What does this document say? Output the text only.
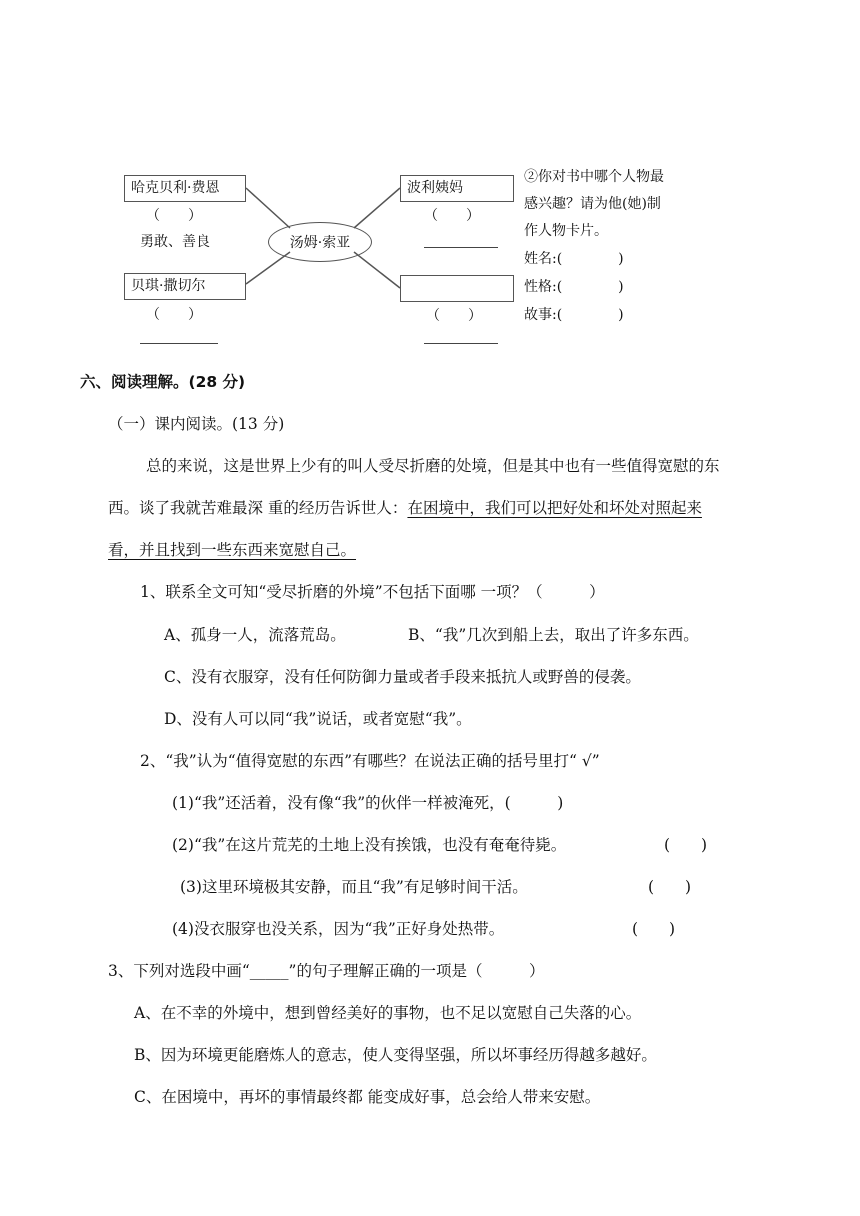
哈克贝利·费恩
（　　）
勇敢、善良
贝琪·撒切尔
（　　）
汤姆·索亚
波利姨妈
（　　）
（　　）
②你对书中哪个人物最
感兴趣？请为他(她)制
作人物卡片。
姓名:(　　　　)
性格:(　　　　)
故事:(　　　　)
六、阅读理解。(28 分)
（一）课内阅读。(13 分)
总的来说，这是世界上少有的叫人受尽折磨的处境，但是其中也有一些值得宽慰的东
西。谈了我就苦难最深 重的经历告诉世人：在困境中，我们可以把好处和坏处对照起来
看，并且找到一些东西来宽慰自己。
1、联系全文可知“受尽折磨的外境”不包括下面哪 一项？（　　　）
A、孤身一人，流落荒岛。	B、“我”几次到船上去，取出了许多东西。
C、没有衣服穿，没有任何防御力量或者手段来抵抗人或野兽的侵袭。
D、没有人可以同“我”说话，或者宽慰“我”。
2、“我”认为“值得宽慰的东西”有哪些？在说法正确的括号里打“ √”
(1)“我”还活着，没有像“我”的伙伴一样被淹死，(　　　)
(2)“我”在这片荒芜的土地上没有挨饿，也没有奄奄待毙。	(　　)
(3)这里环境极其安静，而且“我”有足够时间干活。	(　　)
(4)没衣服穿也没关系，因为“我”正好身处热带。	(　　)
3、下列对选段中画“_____”的句子理解正确的一项是（　　　）
A、在不幸的外境中，想到曾经美好的事物，也不足以宽慰自己失落的心。
B、因为环境更能磨炼人的意志，使人变得坚强，所以坏事经历得越多越好。
C、在困境中，再坏的事情最终都 能变成好事，总会给人带来安慰。
